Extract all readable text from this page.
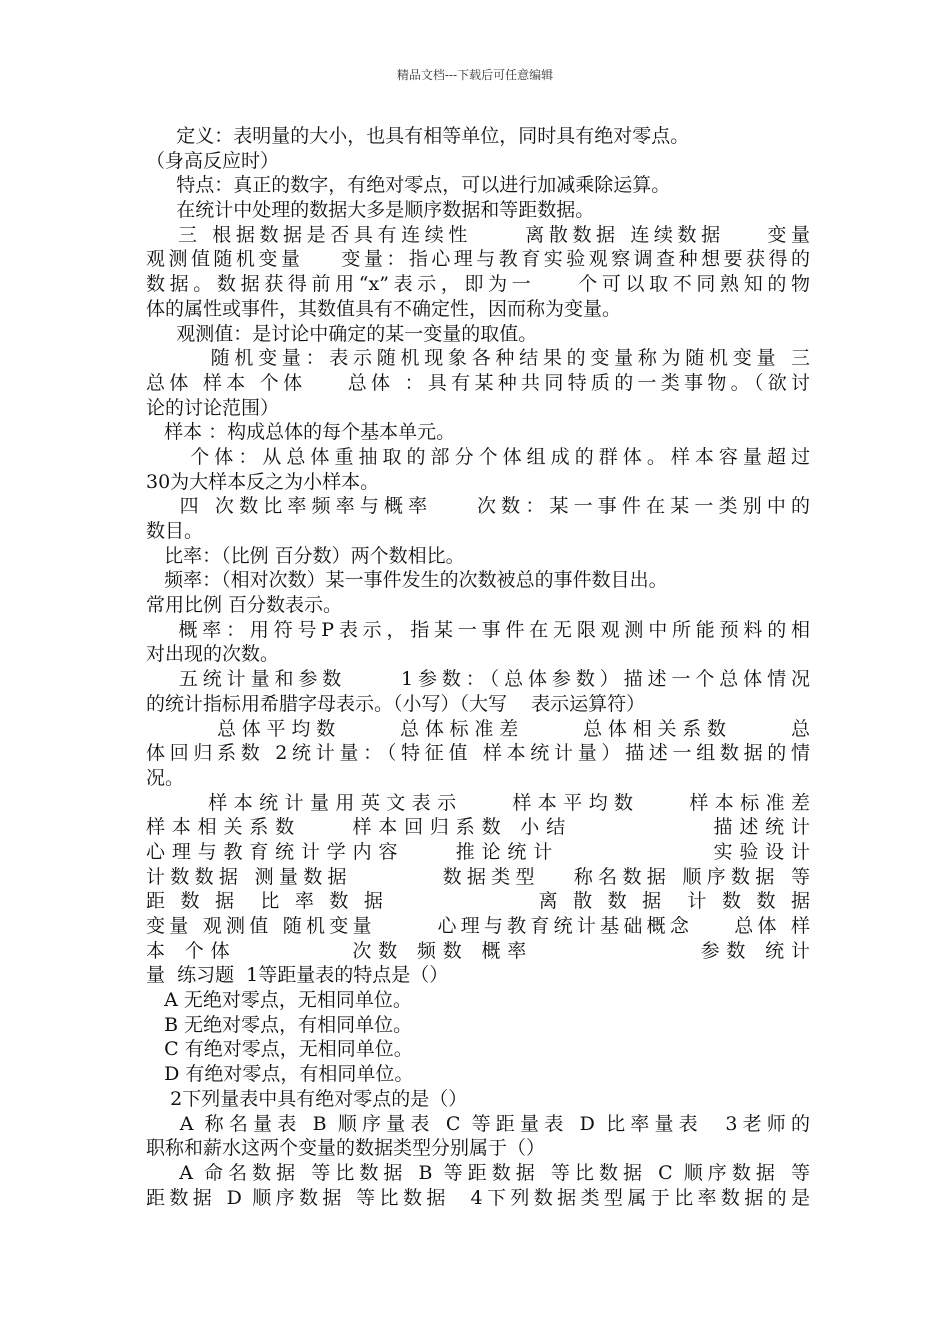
精品文档---下载后可任意编辑
定义：表明量的大小，也具有相等单位，同时具有绝对零点。
（身高反应时）
特点：真正的数字，有绝对零点，可以进行加减乘除运算。
在统计中处理的数据大多是顺序数据和等距数据。
三 根据数据是否具有连续性     离散数据 连续数据    变量
观测值随机变量    变量：指心理与教育实验观察调查种想要获得的
数据。数据获得前用“x”表示，即为一    个可以取不同熟知的物
体的属性或事件，其数值具有不确定性，因而称为变量。
观测值：是讨论中确定的某一变量的取值。
随机变量：表示随机现象各种结果的变量称为随机变量 三
总体 样本 个体    总体 ：具有某种共同特质的一类事物。（欲讨
论的讨论范围）
样本 ：构成总体的每个基本单元。
个体：从总体重抽取的部分个体组成的群体。样本容量超过
30为大样本反之为小样本。
四 次数比率频率与概率    次数：某一事件在某一类别中的
数目。
比率：（比例 百分数）两个数相比。
频率：（相对次数）某一事件发生的次数被总的事件数目出。
常用比例 百分数表示。
概率：用符号P表示，指某一事件在无限观测中所能预料的相
对出现的次数。
五统计量和参数     1参数：（总体参数）描述一个总体情况
的统计指标用希腊字母表示。（小写）（大写    表示运算符）
总体平均数     总体标准差     总体相关系数     总
体回归系数 2统计量：（特征值 样本统计量）描述一组数据的情
况。
样本统计量用英文表示    样本平均数    样本标准差
样本相关系数    样本回归系数 小结           描述统计
心理与教育统计学内容    推论统计            实验设计
计数数据 测量数据        数据类型   称名数据 顺序数据 等
距 数 据  比 率 数 据              离 散 数 据  计 数 数 据
变量 观测值 随机变量      心理与教育统计基础概念    总体 样
本 个体         次数 频数 概率             参数 统计
量  练习题  1等距量表的特点是（）
A 无绝对零点，无相同单位。
B 无绝对零点，有相同单位。
C 有绝对零点，无相同单位。
D 有绝对零点，有相同单位。
2下列量表中具有绝对零点的是（）
A 称名量表 B 顺序量表 C 等距量表 D 比率量表  3老师的
职称和薪水这两个变量的数据类型分别属于（）
A 命名数据 等比数据 B 等距数据 等比数据 C 顺序数据 等
距数据 D 顺序数据 等比数据  4下列数据类型属于比率数据的是
